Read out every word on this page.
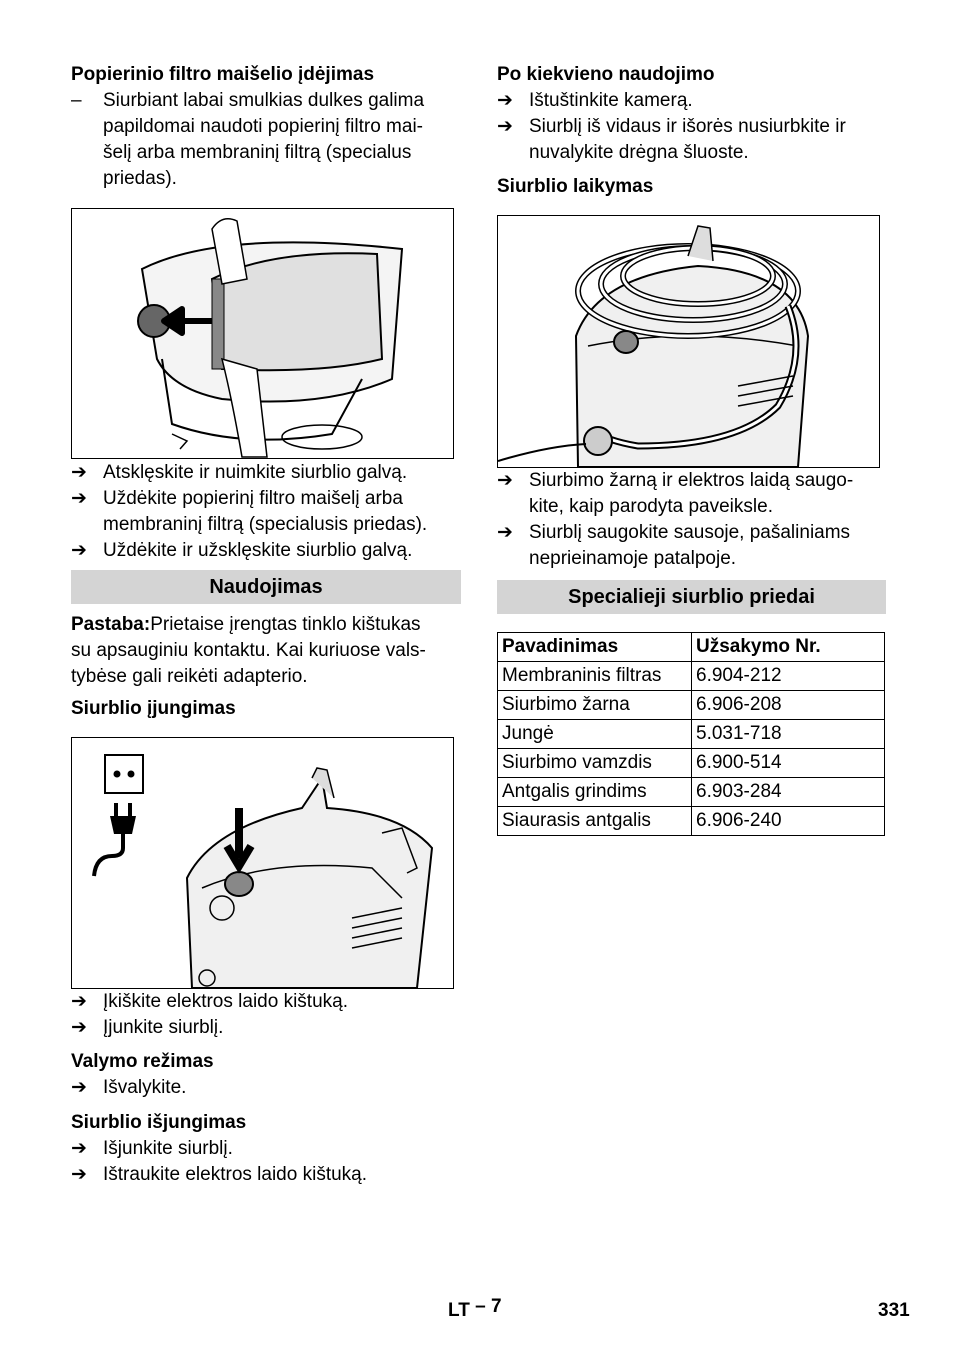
Popierinio filtro maišelio įdėjimas
–	Siurbiant labai smulkias dulkes galima
papildomai naudoti popierinį filtro mai-
šelį arba membraninį filtrą (specialus
priedas).
➔ Atsklęskite ir nuimkite siurblio galvą.
➔ Uždėkite popierinį filtro maišelį arba
membraninį filtrą (specialusis priedas).
➔ Uždėkite ir užsklęskite siurblio galvą.
Naudojimas
Pastaba:Prietaise įrengtas tinklo kištukas
su apsauginiu kontaktu. Kai kuriuose vals-
tybėse gali reikėti adapterio.
Siurblio įjungimas
➔ Įkiškite elektros laido kištuką.
➔ Įjunkite siurblį.
Valymo režimas
➔ Išvalykite.
Siurblio išjungimas
➔ Išjunkite siurblį.
➔ Ištraukite elektros laido kištuką.
Po kiekvieno naudojimo
➔ Ištuštinkite kamerą.
➔ Siurblį iš vidaus ir išorės nusiurbkite ir
nuvalykite drėgna šluoste.
Siurblio laikymas
➔ Siurbimo žarną ir elektros laidą saugo-
kite, kaip parodyta paveiksle.
➔ Siurblį saugokite sausoje, pašaliniams
neprieinamoje patalpoje.
Specialieji siurblio priedai
Pavadinimas	Užsakymo Nr.
Membraninis filtras	6.904-212
Siurbimo žarna	6.906-208
Jungė	5.031-718
Siurbimo vamzdis	6.900-514
Antgalis grindims	6.903-284
Siaurasis antgalis	6.906-240
LT – 7	331
